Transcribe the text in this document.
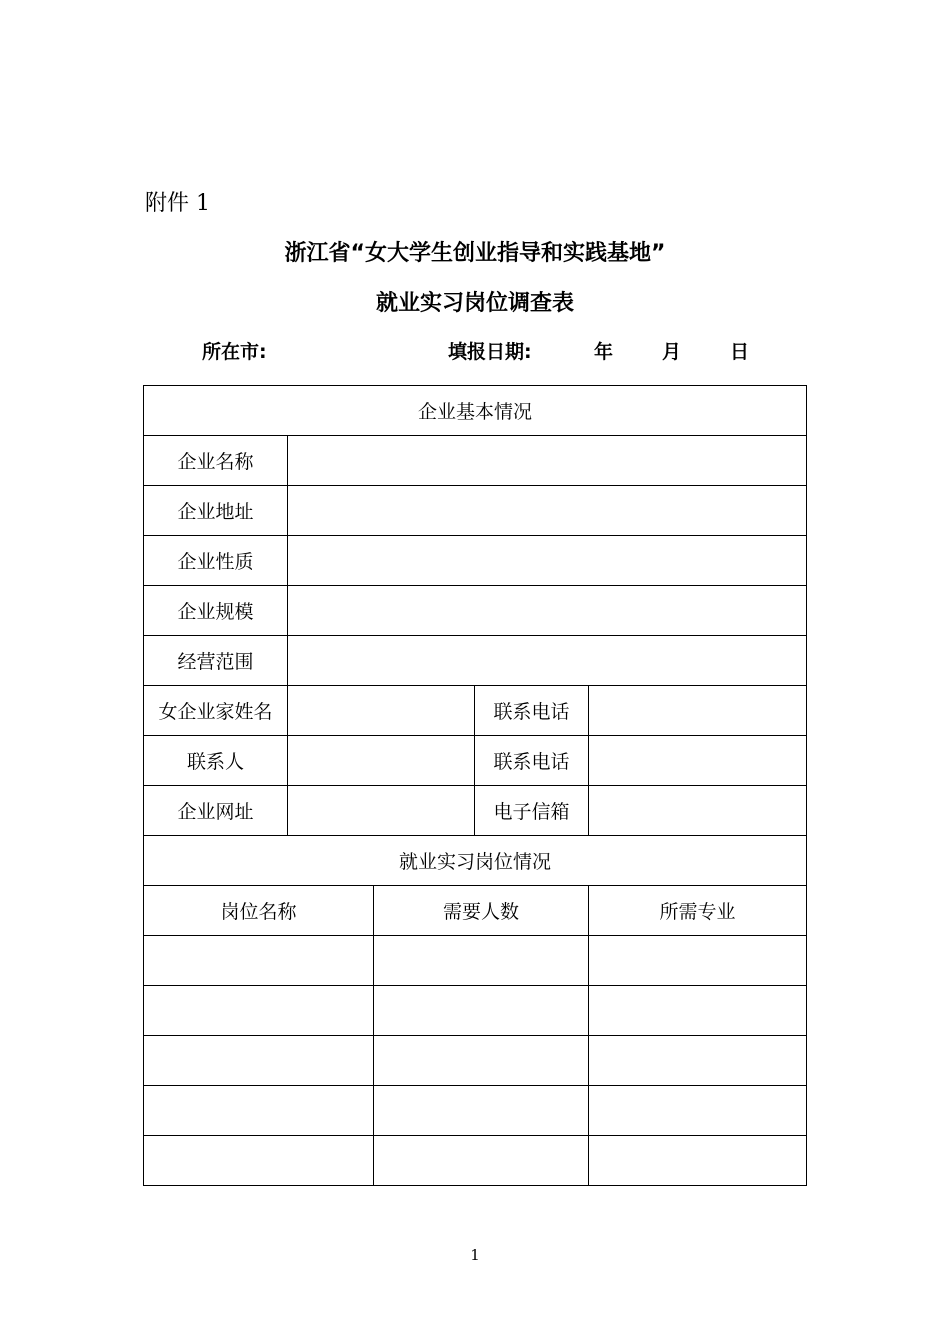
附件 1
浙江省“女大学生创业指导和实践基地”
就业实习岗位调查表
所在市:	填报日期:	年	月	日
企业基本情况				
企业名称				
企业地址				
企业性质				
企业规模				
经营范围				
女企业家姓名			联系电话	
联系人			联系电话	
企业网址			电子信箱	
就业实习岗位情况				
岗位名称		需要人数		所需专业

1
